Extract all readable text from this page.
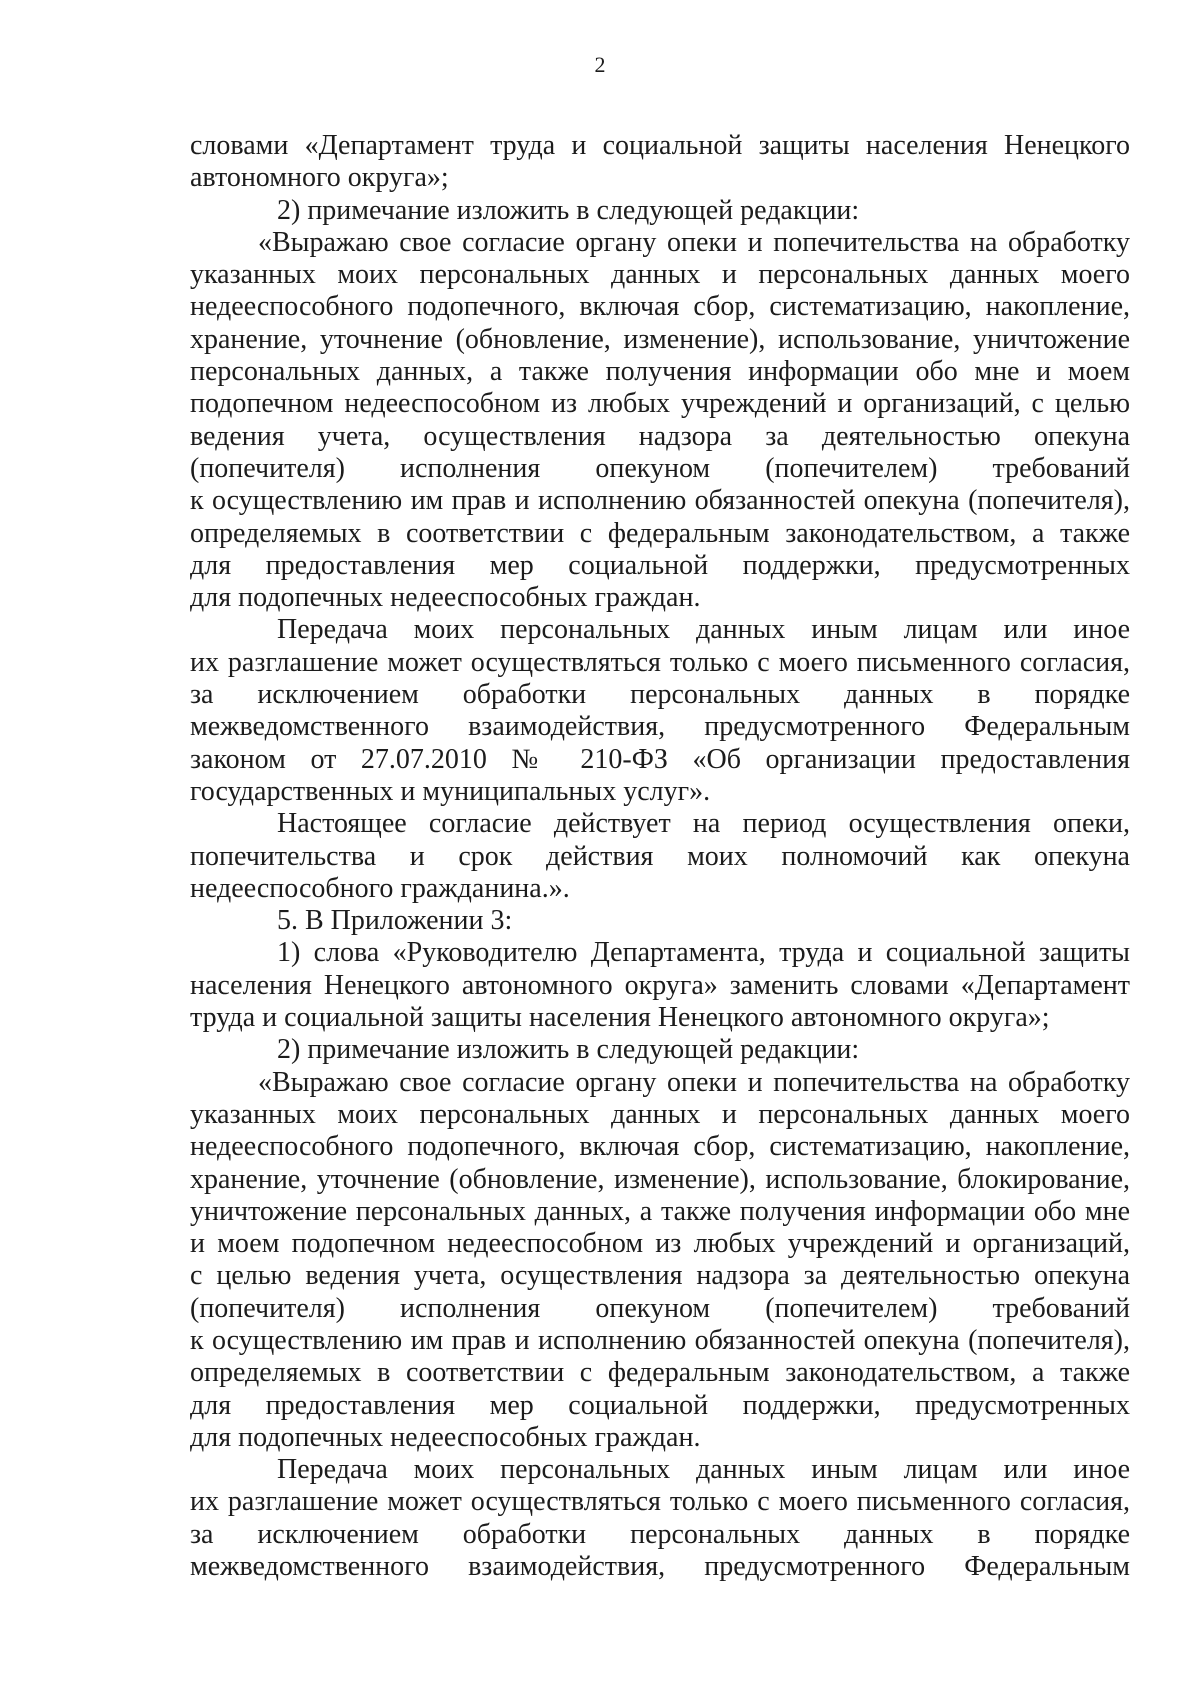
2
словами «Департамент труда и социальной защиты населения Ненецкого
автономного округа»;
2) примечание изложить в следующей редакции:
«Выражаю свое согласие органу опеки и попечительства на обработку
указанных моих персональных данных и персональных данных моего
недееспособного подопечного, включая сбор, систематизацию, накопление,
хранение, уточнение (обновление, изменение), использование, уничтожение
персональных данных, а также получения информации обо мне и моем
подопечном недееспособном из любых учреждений и организаций, с целью
ведения учета, осуществления надзора за деятельностью опекуна
(попечителя) исполнения опекуном (попечителем) требований
к осуществлению им прав и исполнению обязанностей опекуна (попечителя),
определяемых в соответствии с федеральным законодательством, а также
для предоставления мер социальной поддержки, предусмотренных
для подопечных недееспособных граждан.
Передача моих персональных данных иным лицам или иное
их разглашение может осуществляться только с моего письменного согласия,
за исключением обработки персональных данных в порядке
межведомственного взаимодействия, предусмотренного Федеральным
законом от 27.07.2010 № 210-ФЗ «Об организации предоставления
государственных и муниципальных услуг».
Настоящее согласие действует на период осуществления опеки,
попечительства и срок действия моих полномочий как опекуна
недееспособного гражданина.».
5. В Приложении 3:
1) слова «Руководителю Департамента, труда и социальной защиты
населения Ненецкого автономного округа» заменить словами «Департамент
труда и социальной защиты населения Ненецкого автономного округа»;
2) примечание изложить в следующей редакции:
«Выражаю свое согласие органу опеки и попечительства на обработку
указанных моих персональных данных и персональных данных моего
недееспособного подопечного, включая сбор, систематизацию, накопление,
хранение, уточнение (обновление, изменение), использование, блокирование,
уничтожение персональных данных, а также получения информации обо мне
и моем подопечном недееспособном из любых учреждений и организаций,
с целью ведения учета, осуществления надзора за деятельностью опекуна
(попечителя) исполнения опекуном (попечителем) требований
к осуществлению им прав и исполнению обязанностей опекуна (попечителя),
определяемых в соответствии с федеральным законодательством, а также
для предоставления мер социальной поддержки, предусмотренных
для подопечных недееспособных граждан.
Передача моих персональных данных иным лицам или иное
их разглашение может осуществляться только с моего письменного согласия,
за исключением обработки персональных данных в порядке
межведомственного взаимодействия, предусмотренного Федеральным
